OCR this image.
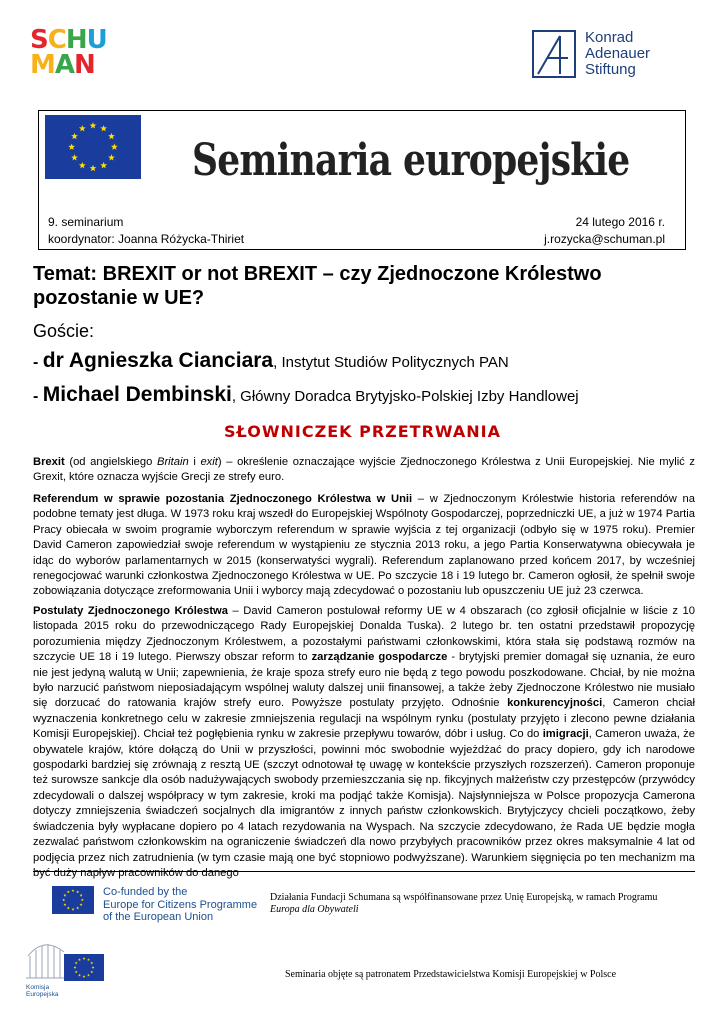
SCHU
MAN
Konrad
Adenauer
Stiftung
Seminaria europejskie
9. seminarium
koordynator: Joanna Różycka-Thiriet
24 lutego 2016 r.
j.rozycka@schuman.pl
Temat: BREXIT or not BREXIT – czy Zjednoczone Królestwo
pozostanie w UE?
Goście:
- dr Agnieszka Cianciara, Instytut Studiów Politycznych PAN
- Michael Dembinski, Główny Doradca Brytyjsko-Polskiej Izby Handlowej
SŁOWNICZEK PRZETRWANIA
Brexit (od angielskiego Britain i exit) – określenie oznaczające wyjście Zjednoczonego Królestwa z Unii Europejskiej. Nie mylić z Grexit, które oznacza wyjście Grecji ze strefy euro.
Referendum w sprawie pozostania Zjednoczonego Królestwa w Unii – w Zjednoczonym Królestwie historia referendów na podobne tematy jest długa. W 1973 roku kraj wszedł do Europejskiej Wspólnoty Gospodarczej, poprzedniczki UE, a już w 1974 Partia Pracy obiecała w swoim programie wyborczym referendum w sprawie wyjścia z tej organizacji (odbyło się w 1975 roku). Premier David Cameron zapowiedział swoje referendum w wystąpieniu ze stycznia 2013 roku, a jego Partia Konserwatywna obiecywała je idąc do wyborów parlamentarnych w 2015 (konserwatyści wygrali). Referendum zaplanowano przed końcem 2017, by wcześniej renegocjować warunki członkostwa Zjednoczonego Królestwa w UE. Po szczycie 18 i 19 lutego br. Cameron ogłosił, że spełnił swoje zobowiązania dotyczące zreformowania Unii i wyborcy mają zdecydować o pozostaniu lub opuszczeniu UE już 23 czerwca.
Postulaty Zjednoczonego Królestwa – David Cameron postulował reformy UE w 4 obszarach (co zgłosił oficjalnie w liście z 10 listopada 2015 roku do przewodniczącego Rady Europejskiej Donalda Tuska). 2 lutego br. ten ostatni przedstawił propozycję porozumienia między Zjednoczonym Królestwem, a pozostałymi państwami członkowskimi, która stała się podstawą rozmów na szczycie UE 18 i 19 lutego. Pierwszy obszar reform to zarządzanie gospodarcze - brytyjski premier domagał się uznania, że euro nie jest jedyną walutą w Unii; zapewnienia, że kraje spoza strefy euro nie będą z tego powodu poszkodowane. Chciał, by nie można było narzucić państwom nieposiadającym wspólnej waluty dalszej unii finansowej, a także żeby Zjednoczone Królestwo nie musiało się dorzucać do ratowania krajów strefy euro. Powyższe postulaty przyjęto. Odnośnie konkurencyjności, Cameron chciał wyznaczenia konkretnego celu w zakresie zmniejszenia regulacji na wspólnym rynku (postulaty przyjęto i zlecono pewne działania Komisji Europejskiej). Chciał też pogłębienia rynku w zakresie przepływu towarów, dóbr i usług. Co do imigracji, Cameron uważa, że obywatele krajów, które dołączą do Unii w przyszłości, powinni móc swobodnie wyjeżdżać do pracy dopiero, gdy ich narodowe gospodarki bardziej się zrównają z resztą UE (szczyt odnotował tę uwagę w kontekście przyszłych rozszerzeń). Cameron proponuje też surowsze sankcje dla osób nadużywających swobody przemieszczania się np. fikcyjnych małżeństw czy przestępców (przywódcy zdecydowali o dalszej współpracy w tym zakresie, kroki ma podjąć także Komisja). Najsłynniejsza w Polsce propozycja Camerona dotyczy zmniejszenia świadczeń socjalnych dla imigrantów z innych państw członkowskich. Brytyjczycy chcieli początkowo, żeby świadczenia były wypłacane dopiero po 4 latach rezydowania na Wyspach. Na szczycie zdecydowano, że Rada UE będzie mogła zezwalać państwom członkowskim na ograniczenie świadczeń dla nowo przybyłych pracowników przez okres maksymalnie 4 lat od podjęcia przez nich zatrudnienia (w tym czasie mają one być stopniowo podwyższane). Warunkiem sięgnięcia po ten mechanizm ma być duży napływ pracowników do danego
Co-funded by the
Europe for Citizens Programme
of the European Union
Działania Fundacji Schumana są współfinansowane przez Unię Europejską, w ramach Programu Europa dla Obywateli
Komisja
Europejska
Seminaria objęte są patronatem Przedstawicielstwa Komisji Europejskiej w Polsce
